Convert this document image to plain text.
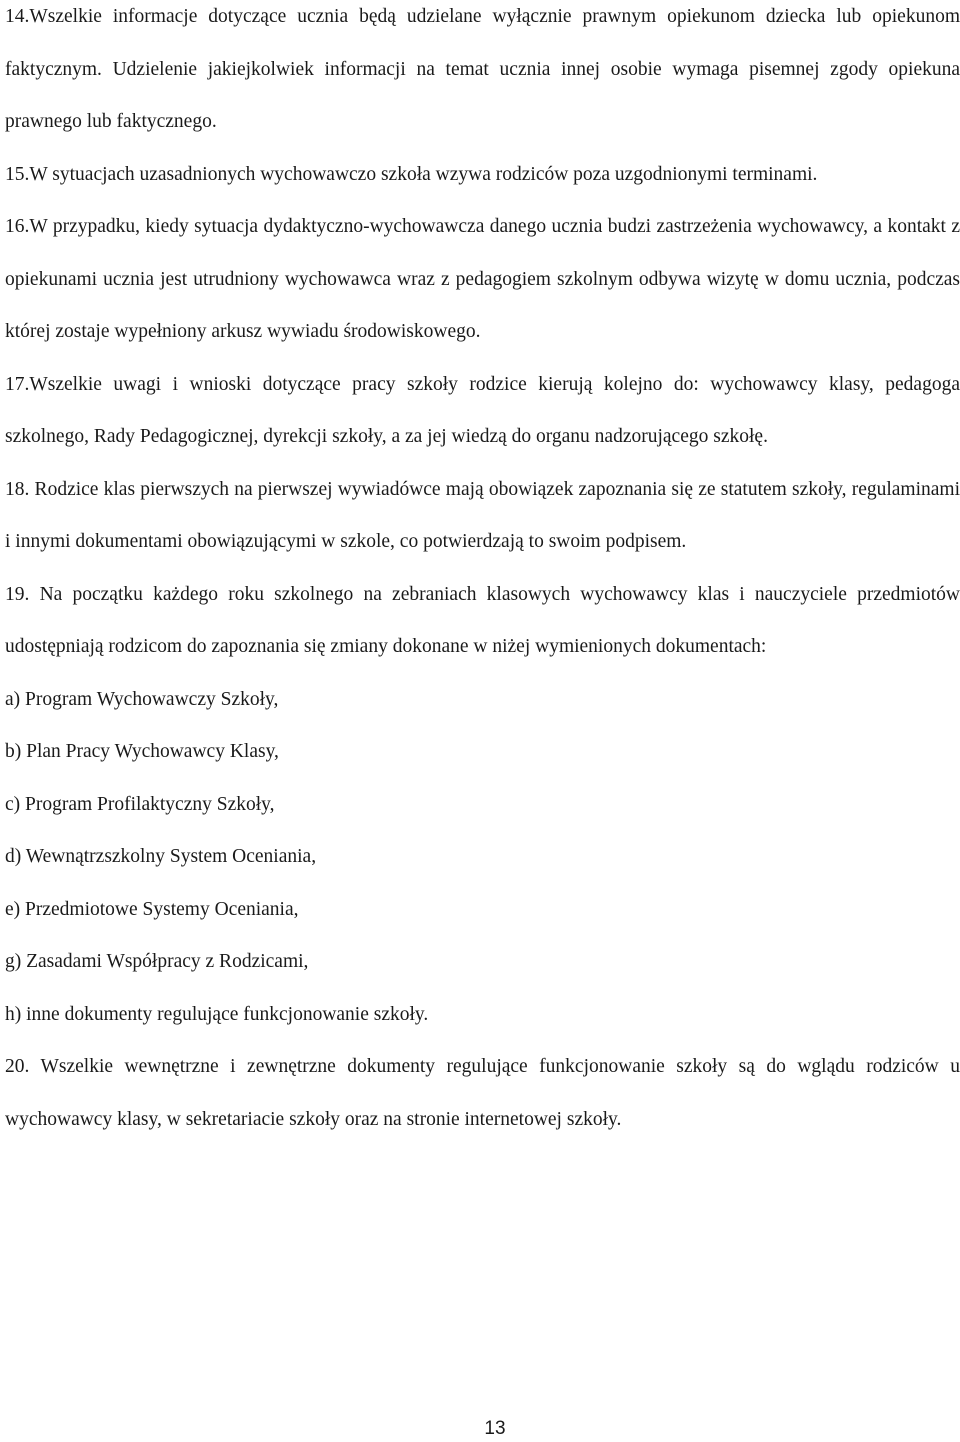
14.Wszelkie informacje dotyczące ucznia będą udzielane wyłącznie prawnym opiekunom dziecka lub opiekunom faktycznym. Udzielenie jakiejkolwiek informacji na temat ucznia innej osobie wymaga pisemnej zgody opiekuna prawnego lub faktycznego.

15.W sytuacjach uzasadnionych wychowawczo szkoła wzywa rodziców poza uzgodnionymi terminami.

16.W przypadku, kiedy sytuacja dydaktyczno-wychowawcza danego ucznia budzi zastrzeżenia wychowawcy, a kontakt z opiekunami ucznia jest utrudniony wychowawca wraz z pedagogiem szkolnym odbywa wizytę w domu ucznia, podczas której zostaje wypełniony arkusz wywiadu środowiskowego.

17.Wszelkie uwagi i wnioski dotyczące pracy szkoły rodzice kierują kolejno do: wychowawcy klasy, pedagoga szkolnego, Rady Pedagogicznej, dyrekcji szkoły, a za jej wiedzą do organu nadzorującego szkołę.

18. Rodzice klas pierwszych na pierwszej wywiadówce mają obowiązek zapoznania się ze statutem szkoły, regulaminami i innymi dokumentami obowiązującymi w szkole, co potwierdzają to swoim podpisem.

19. Na początku każdego roku szkolnego na zebraniach klasowych wychowawcy klas i nauczyciele przedmiotów udostępniają rodzicom do zapoznania się zmiany dokonane w niżej wymienionych dokumentach:

a) Program Wychowawczy Szkoły,

b) Plan Pracy Wychowawcy Klasy,

c) Program Profilaktyczny Szkoły,

d) Wewnątrzszkolny System Oceniania,

e) Przedmiotowe Systemy Oceniania,

g) Zasadami Współpracy z Rodzicami,

h) inne dokumenty regulujące funkcjonowanie szkoły.

20. Wszelkie wewnętrzne i zewnętrzne dokumenty regulujące funkcjonowanie szkoły są do wglądu rodziców u wychowawcy klasy, w sekretariacie szkoły oraz na stronie internetowej szkoły.

13
